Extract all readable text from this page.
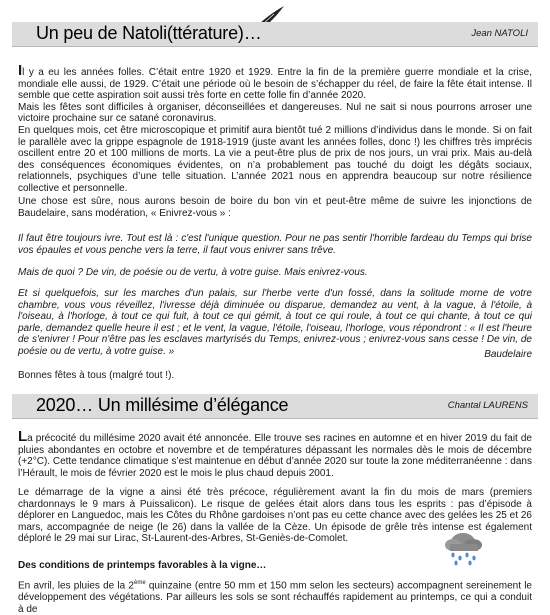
Un peu de Natoli(ttérature)…	Jean NATOLI

Il y a eu les années folles. C’était entre 1920 et 1929. Entre la fin de la première guerre mondiale et la crise, mondiale elle aussi, de 1929. C’était une période où le besoin de s’échapper du réel, de faire la fête était intense. Il semble que cette aspiration soit aussi très forte en cette folle fin d’année 2020.

Mais les fêtes sont difficiles à organiser, déconseillées et dangereuses. Nul ne sait si nous pourrons arroser une victoire prochaine sur ce satané coronavirus.

En quelques mois, cet être microscopique et primitif aura bientôt tué 2 millions d’individus dans le monde. Si on fait le parallèle avec la grippe espagnole de 1918-1919 (juste avant les années folles, donc !) les chiffres très imprécis oscillent entre 20 et 100 millions de morts. La vie a peut-être plus de prix de nos jours, un vrai prix. Mais au-delà des conséquences économiques évidentes, on n’a probablement pas touché du doigt les dégâts sociaux, relationnels, psychiques d’une telle situation. L’année 2021 nous en apprendra beaucoup sur notre résilience collective et personnelle.

Une chose est sûre, nous aurons besoin de boire du bon vin et peut-être même de suivre les injonctions de Baudelaire, sans modération, « Enivrez-vous » :

Il faut être toujours ivre. Tout est là : c'est l'unique question. Pour ne pas sentir l'horrible fardeau du Temps qui brise vos épaules et vous penche vers la terre, il faut vous enivrer sans trêve.

Mais de quoi ? De vin, de poésie ou de vertu, à votre guise. Mais enivrez-vous.

Et si quelquefois, sur les marches d'un palais, sur l'herbe verte d'un fossé, dans la solitude morne de votre chambre, vous vous réveillez, l'ivresse déjà diminuée ou disparue, demandez au vent, à la vague, à l'étoile, à l'oiseau, à l'horloge, à tout ce qui fuit, à tout ce qui gémit, à tout ce qui roule, à tout ce qui chante, à tout ce qui parle, demandez quelle heure il est ; et le vent, la vague, l'étoile, l'oiseau, l'horloge, vous répondront : « Il est l'heure de s'enivrer ! Pour n'être pas les esclaves martyrisés du Temps, enivrez-vous ; enivrez-vous sans cesse ! De vin, de poésie ou de vertu, à votre guise. »	Baudelaire

Bonnes fêtes à tous (malgré tout !).

2020… Un millésime d’élégance	Chantal LAURENS

La précocité du millésime 2020 avait été annoncée. Elle trouve ses racines en automne et en hiver 2019 du fait de pluies abondantes en octobre et novembre et de températures dépassant les normales dès le mois de décembre (+2°C). Cette tendance climatique s’est maintenue en début d’année 2020 sur toute la zone méditerranéenne : dans l’Hérault, le mois de février 2020 est le mois le plus chaud depuis 2001.

Le démarrage de la vigne a ainsi été très précoce, régulièrement avant la fin du mois de mars (premiers chardonnays le 9 mars à Puissalicon). Le risque de gelées était alors dans tous les esprits : pas d’épisode à déplorer en Languedoc, mais les Côtes du Rhône gardoises n’ont pas eu cette chance avec des gelées les 25 et 26 mars, accompagnée de neige (le 26) dans la vallée de la Cèze. Un épisode de grêle très intense est également déploré le 29 mai sur Lirac, St-Laurent-des-Arbres, St-Geniès-de-Comolet.

Des conditions de printemps favorables à la vigne…

En avril, les pluies de la 2ème quinzaine (entre 50 mm et 150 mm selon les secteurs) accompagnent sereinement le développement des végétations. Par ailleurs les sols se sont réchauffés rapidement au printemps, ce qui a conduit à de
